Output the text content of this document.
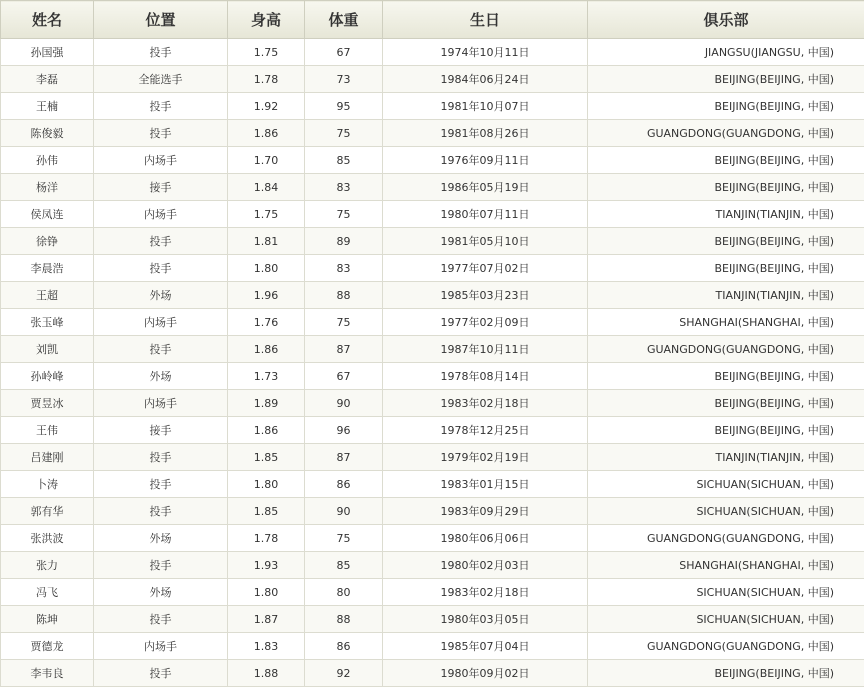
姓名	位置	身高	体重	生日	俱乐部
孙国强	投手	1.75	67	1974年10月11日	JIANGSU(JIANGSU, 中国)
李磊	全能选手	1.78	73	1984年06月24日	BEIJING(BEIJING, 中国)
王楠	投手	1.92	95	1981年10月07日	BEIJING(BEIJING, 中国)
陈俊毅	投手	1.86	75	1981年08月26日	GUANGDONG(GUANGDONG, 中国)
孙伟	内场手	1.70	85	1976年09月11日	BEIJING(BEIJING, 中国)
杨洋	接手	1.84	83	1986年05月19日	BEIJING(BEIJING, 中国)
侯凤连	内场手	1.75	75	1980年07月11日	TIANJIN(TIANJIN, 中国)
徐铮	投手	1.81	89	1981年05月10日	BEIJING(BEIJING, 中国)
李晨浩	投手	1.80	83	1977年07月02日	BEIJING(BEIJING, 中国)
王超	外场	1.96	88	1985年03月23日	TIANJIN(TIANJIN, 中国)
张玉峰	内场手	1.76	75	1977年02月09日	SHANGHAI(SHANGHAI, 中国)
刘凯	投手	1.86	87	1987年10月11日	GUANGDONG(GUANGDONG, 中国)
孙岭峰	外场	1.73	67	1978年08月14日	BEIJING(BEIJING, 中国)
贾昱冰	内场手	1.89	90	1983年02月18日	BEIJING(BEIJING, 中国)
王伟	接手	1.86	96	1978年12月25日	BEIJING(BEIJING, 中国)
吕建刚	投手	1.85	87	1979年02月19日	TIANJIN(TIANJIN, 中国)
卜涛	投手	1.80	86	1983年01月15日	SICHUAN(SICHUAN, 中国)
郭有华	投手	1.85	90	1983年09月29日	SICHUAN(SICHUAN, 中国)
张洪波	外场	1.78	75	1980年06月06日	GUANGDONG(GUANGDONG, 中国)
张力	投手	1.93	85	1980年02月03日	SHANGHAI(SHANGHAI, 中国)
冯飞	外场	1.80	80	1983年02月18日	SICHUAN(SICHUAN, 中国)
陈坤	投手	1.87	88	1980年03月05日	SICHUAN(SICHUAN, 中国)
贾德龙	内场手	1.83	86	1985年07月04日	GUANGDONG(GUANGDONG, 中国)
李韦良	投手	1.88	92	1980年09月02日	BEIJING(BEIJING, 中国)
